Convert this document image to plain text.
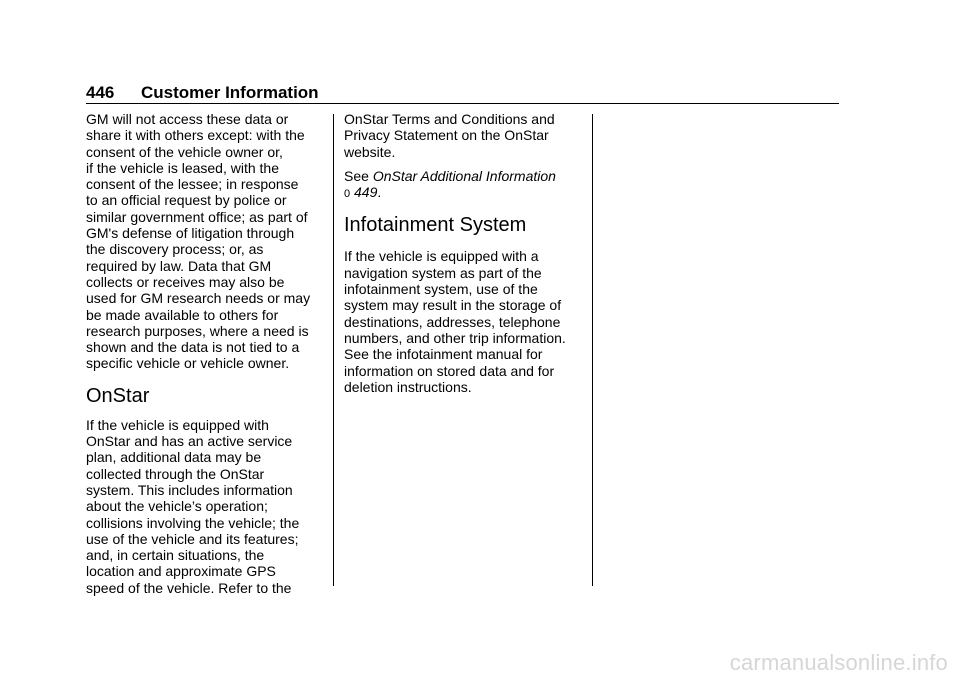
446 Customer Information
GM will not access these data or
share it with others except: with the
consent of the vehicle owner or,
if the vehicle is leased, with the
consent of the lessee; in response
to an official request by police or
similar government office; as part of
GM's defense of litigation through
the discovery process; or, as
required by law. Data that GM
collects or receives may also be
used for GM research needs or may
be made available to others for
research purposes, where a need is
shown and the data is not tied to a
specific vehicle or vehicle owner.
OnStar
If the vehicle is equipped with
OnStar and has an active service
plan, additional data may be
collected through the OnStar
system. This includes information
about the vehicle’s operation;
collisions involving the vehicle; the
use of the vehicle and its features;
and, in certain situations, the
location and approximate GPS
speed of the vehicle. Refer to the
OnStar Terms and Conditions and
Privacy Statement on the OnStar
website.

See OnStar Additional Information
0 449.

Infotainment System
If the vehicle is equipped with a
navigation system as part of the
infotainment system, use of the
system may result in the storage of
destinations, addresses, telephone
numbers, and other trip information.
See the infotainment manual for
information on stored data and for
deletion instructions.
carmanualsonline.info
